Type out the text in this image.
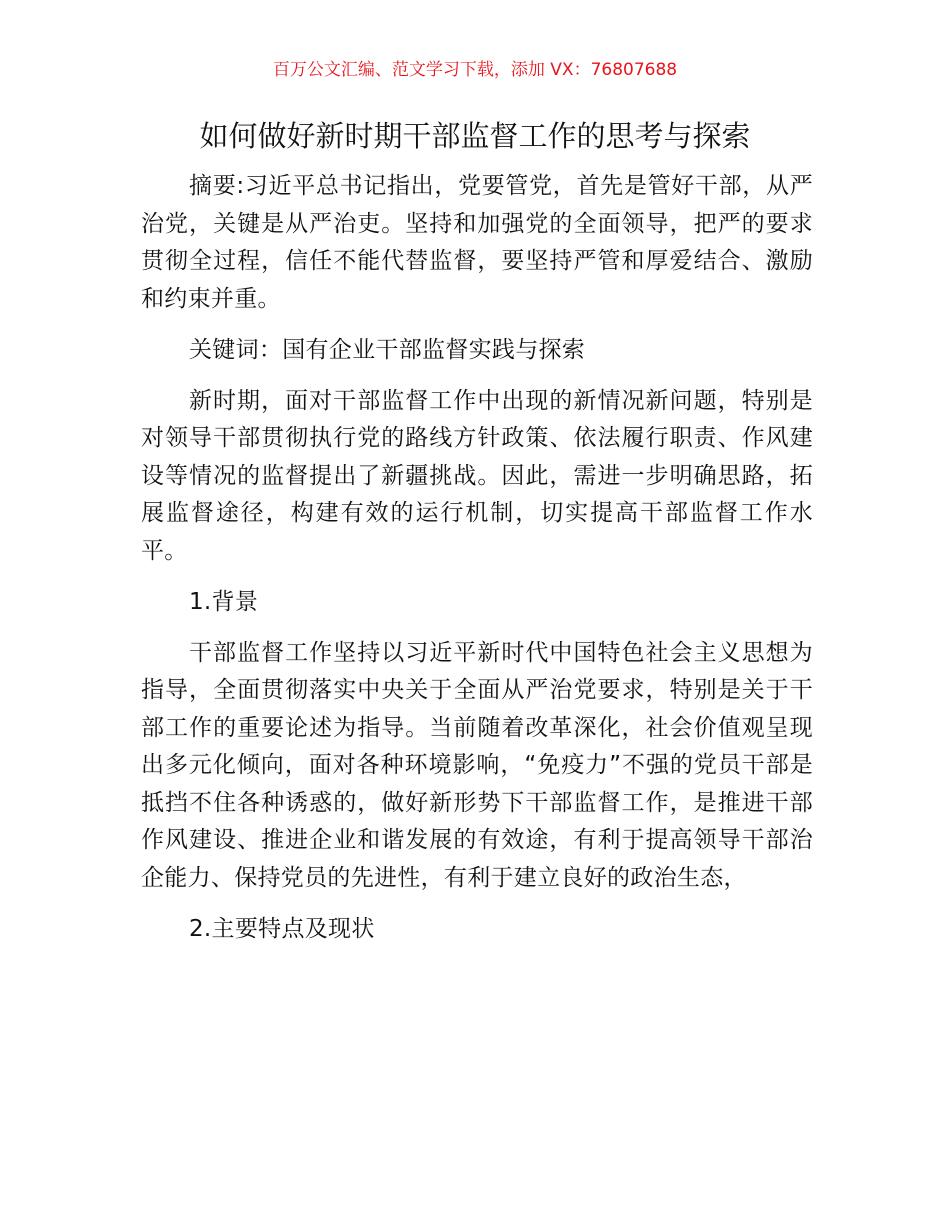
百万公文汇编、范文学习下载，添加 VX：76807688
如何做好新时期干部监督工作的思考与探索

摘要:习近平总书记指出，党要管党，首先是管好干部，从严治党，关键是从严治吏。坚持和加强党的全面领导，把严的要求贯彻全过程，信任不能代替监督，要坚持严管和厚爱结合、激励和约束并重。

关键词：国有企业干部监督实践与探索

新时期，面对干部监督工作中出现的新情况新问题，特别是对领导干部贯彻执行党的路线方针政策、依法履行职责、作风建设等情况的监督提出了新疆挑战。因此，需进一步明确思路，拓展监督途径，构建有效的运行机制，切实提高干部监督工作水平。

1.背景

干部监督工作坚持以习近平新时代中国特色社会主义思想为指导，全面贯彻落实中央关于全面从严治党要求，特别是关于干部工作的重要论述为指导。当前随着改革深化，社会价值观呈现出多元化倾向，面对各种环境影响，“免疫力”不强的党员干部是抵挡不住各种诱惑的，做好新形势下干部监督工作，是推进干部作风建设、推进企业和谐发展的有效途，有利于提高领导干部治企能力、保持党员的先进性，有利于建立良好的政治生态，

2.主要特点及现状
